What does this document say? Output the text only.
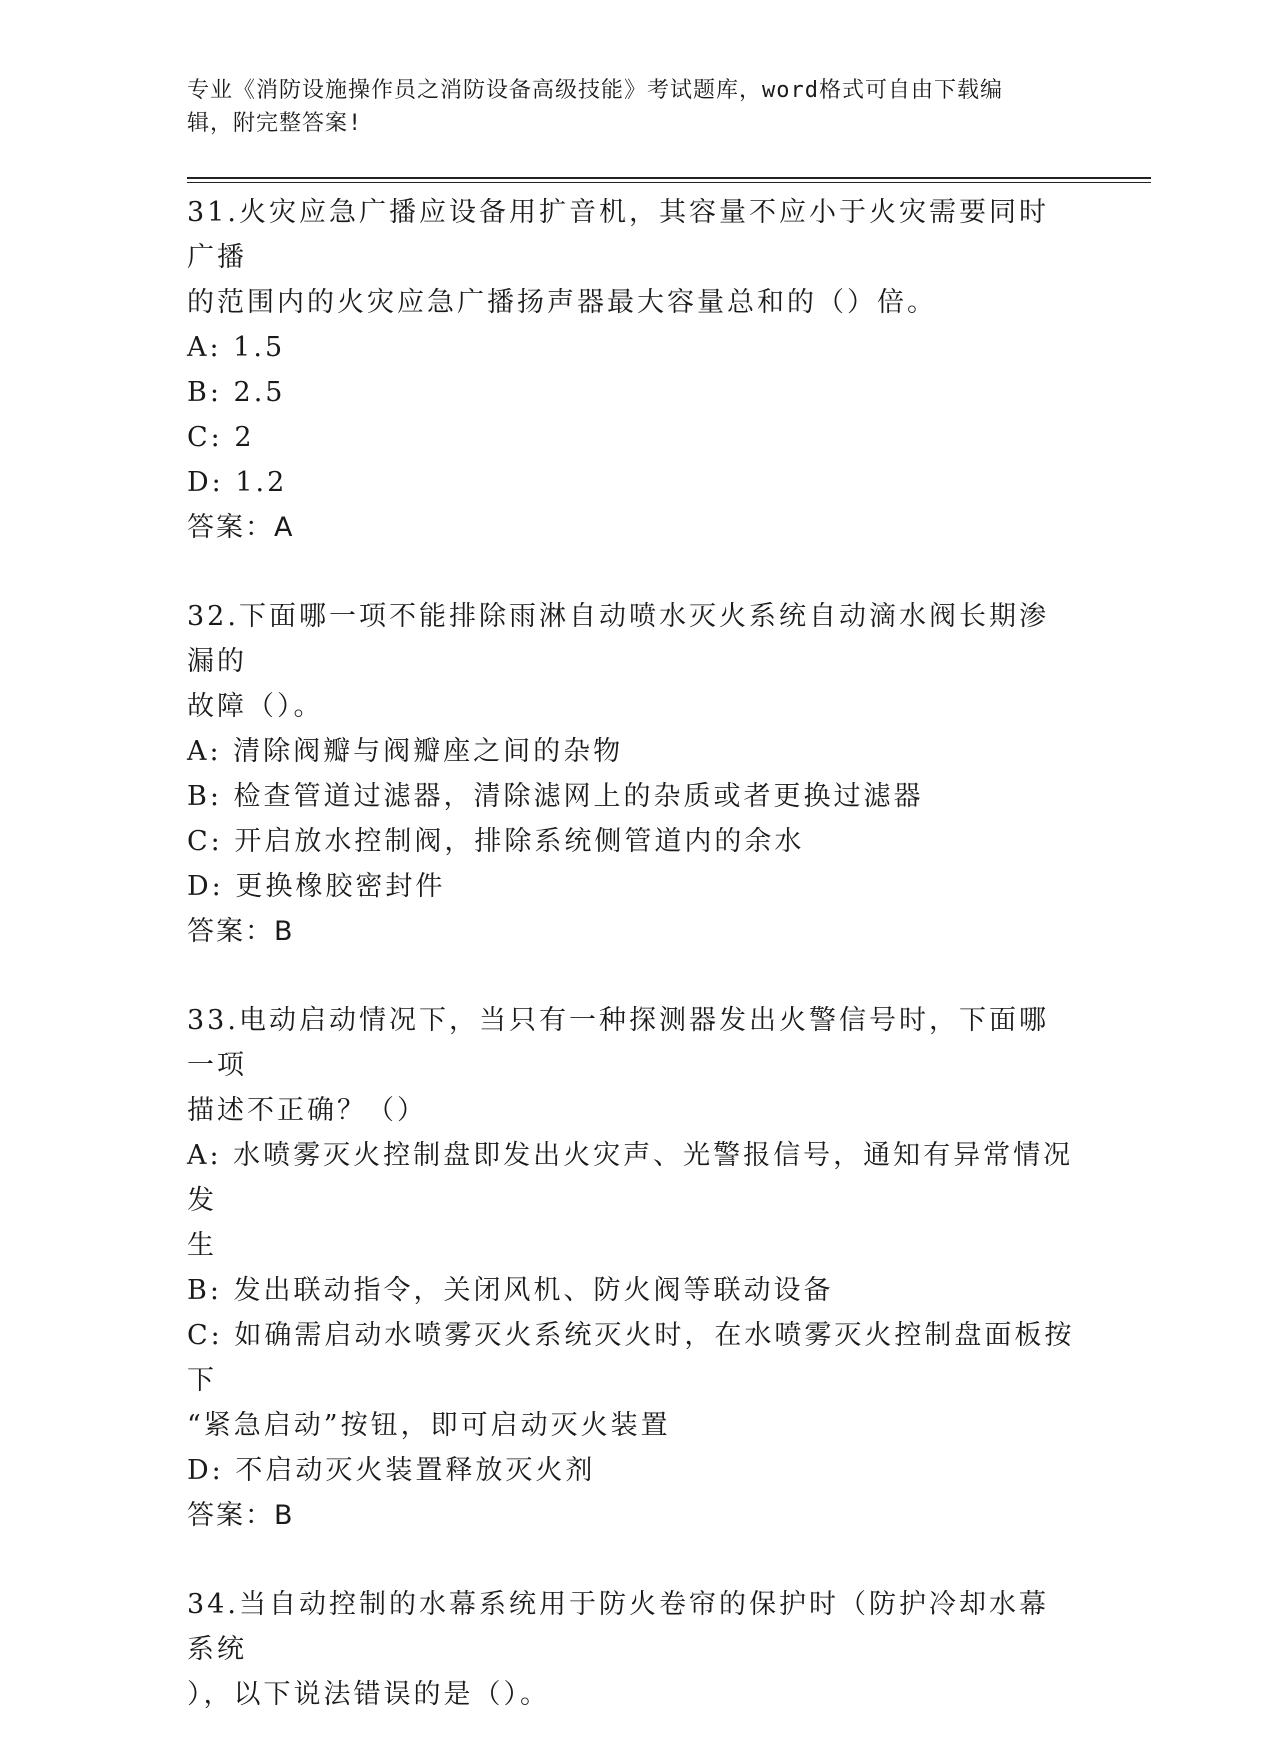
专业《消防设施操作员之消防设备高级技能》考试题库，word格式可自由下载编
辑，附完整答案!

31.火灾应急广播应设备用扩音机，其容量不应小于火灾需要同时广播

的范围内的火灾应急广播扬声器最大容量总和的（）倍。

A: 1.5

B: 2.5

C: 2

D: 1.2

答案：A

32.下面哪一项不能排除雨淋自动喷水灭火系统自动滴水阀长期渗漏的

故障（）。

A: 清除阀瓣与阀瓣座之间的杂物

B: 检查管道过滤器，清除滤网上的杂质或者更换过滤器

C: 开启放水控制阀，排除系统侧管道内的余水

D: 更换橡胶密封件

答案：B

33.电动启动情况下，当只有一种探测器发出火警信号时，下面哪一项

描述不正确？（）

A: 水喷雾灭火控制盘即发出火灾声、光警报信号，通知有异常情况发

生

B: 发出联动指令，关闭风机、防火阀等联动设备

C: 如确需启动水喷雾灭火系统灭火时，在水喷雾灭火控制盘面板按下

“紧急启动”按钮，即可启动灭火装置

D: 不启动灭火装置释放灭火剂

答案：B

34.当自动控制的水幕系统用于防火卷帘的保护时（防护冷却水幕系统

），以下说法错误的是（）。
